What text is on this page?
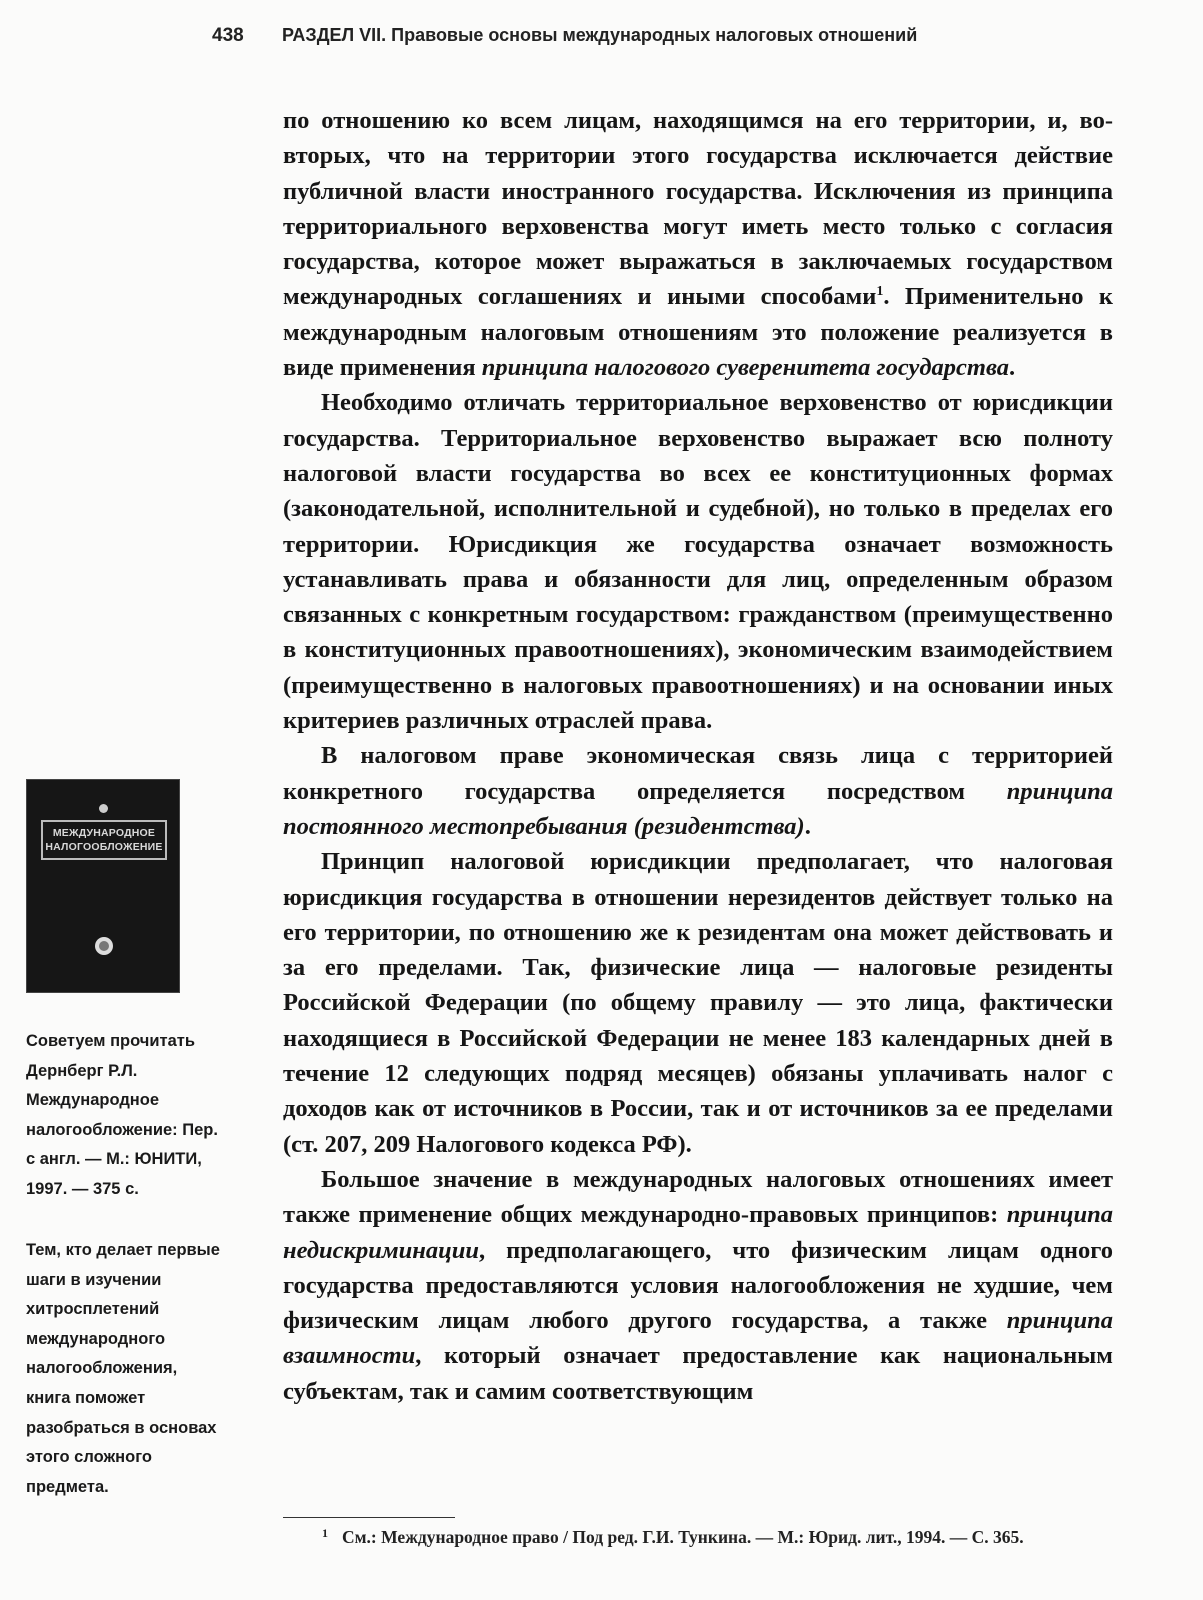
438 РАЗДЕЛ VII. Правовые основы международных налоговых отношений

по отношению ко всем лицам, находящимся на его территории, и, во-вторых, что на территории этого государства исключается действие публичной власти иностранного государства. Исключения из принципа территориального верховенства могут иметь место только с согласия государства, которое может выражаться в заключаемых государством международных соглашениях и иными способами$^1$. Применительно к международным налоговым отношениям это положение реализуется в виде применения принципа налогового суверенитета государства.

Необходимо отличать территориальное верховенство от юрисдикции государства. Территориальное верховенство выражает всю полноту налоговой власти государства во всех ее конституционных формах (законодательной, исполнительной и судебной), но только в пределах его территории. Юрисдикция же государства означает возможность устанавливать права и обязанности для лиц, определенным образом связанных с конкретным государством: гражданством (преимущественно в конституционных правоотношениях), экономическим взаимодействием (преимущественно в налоговых правоотношениях) и на основании иных критериев различных отраслей права.

В налоговом праве экономическая связь лица с территорией конкретного государства определяется посредством принципа постоянного местопребывания (резидентства).

Принцип налоговой юрисдикции предполагает, что налоговая юрисдикция государства в отношении нерезидентов действует только на его территории, по отношению же к резидентам она может действовать и за его пределами. Так, физические лица — налоговые резиденты Российской Федерации (по общему правилу — это лица, фактически находящиеся в Российской Федерации не менее 183 календарных дней в течение 12 следующих подряд месяцев) обязаны уплачивать налог с доходов как от источников в России, так и от источников за ее пределами (ст. 207, 209 Налогового кодекса РФ).

Большое значение в международных налоговых отношениях имеет также применение общих международно-правовых принципов: принципа недискриминации, предполагающего, что физическим лицам одного государства предоставляются условия налогообложения не худшие, чем физическим лицам любого другого государства, а также принципа взаимности, который означает предоставление как национальным субъектам, так и самим соответствующим

МЕЖДУНАРОДНОЕ
НАЛОГООБЛОЖЕНИЕ
Советуем прочитать
Дернберг Р.Л.
Международное
налогообложение: Пер.
с англ. — М.: ЮНИТИ,
1997. — 375 с.
Тем, кто делает первые
шаги в изучении
хитросплетений
международного
налогообложения,
книга поможет
разобраться в основах
этого сложного
предмета.
$^1$ См.: Международное право / Под ред. Г.И. Тункина. — М.: Юрид. лит., 1994. — С. 365.
